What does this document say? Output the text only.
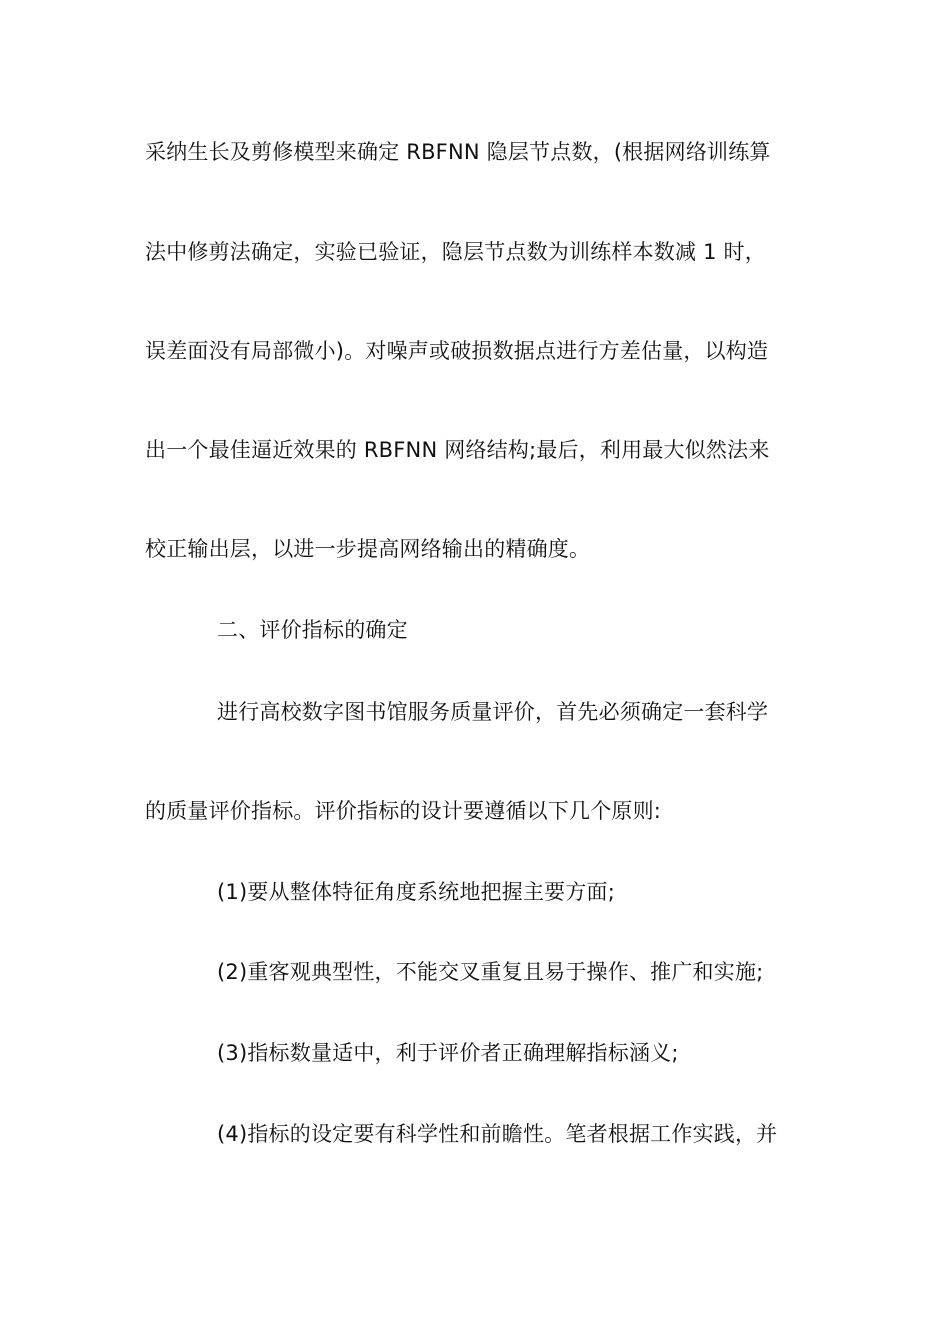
采纳生长及剪修模型来确定 RBFNN 隐层节点数，(根据网络训练算
法中修剪法确定，实验已验证，隐层节点数为训练样本数减 1 时，
误差面没有局部微小)。对噪声或破损数据点进行方差估量，以构造
出一个最佳逼近效果的 RBFNN 网络结构;最后，利用最大似然法来
校正输出层，以进一步提高网络输出的精确度。
二、评价指标的确定
进行高校数字图书馆服务质量评价，首先必须确定一套科学
的质量评价指标。评价指标的设计要遵循以下几个原则:
(1)要从整体特征角度系统地把握主要方面;
(2)重客观典型性，不能交叉重复且易于操作、推广和实施;
(3)指标数量适中，利于评价者正确理解指标涵义;
(4)指标的设定要有科学性和前瞻性。笔者根据工作实践，并
